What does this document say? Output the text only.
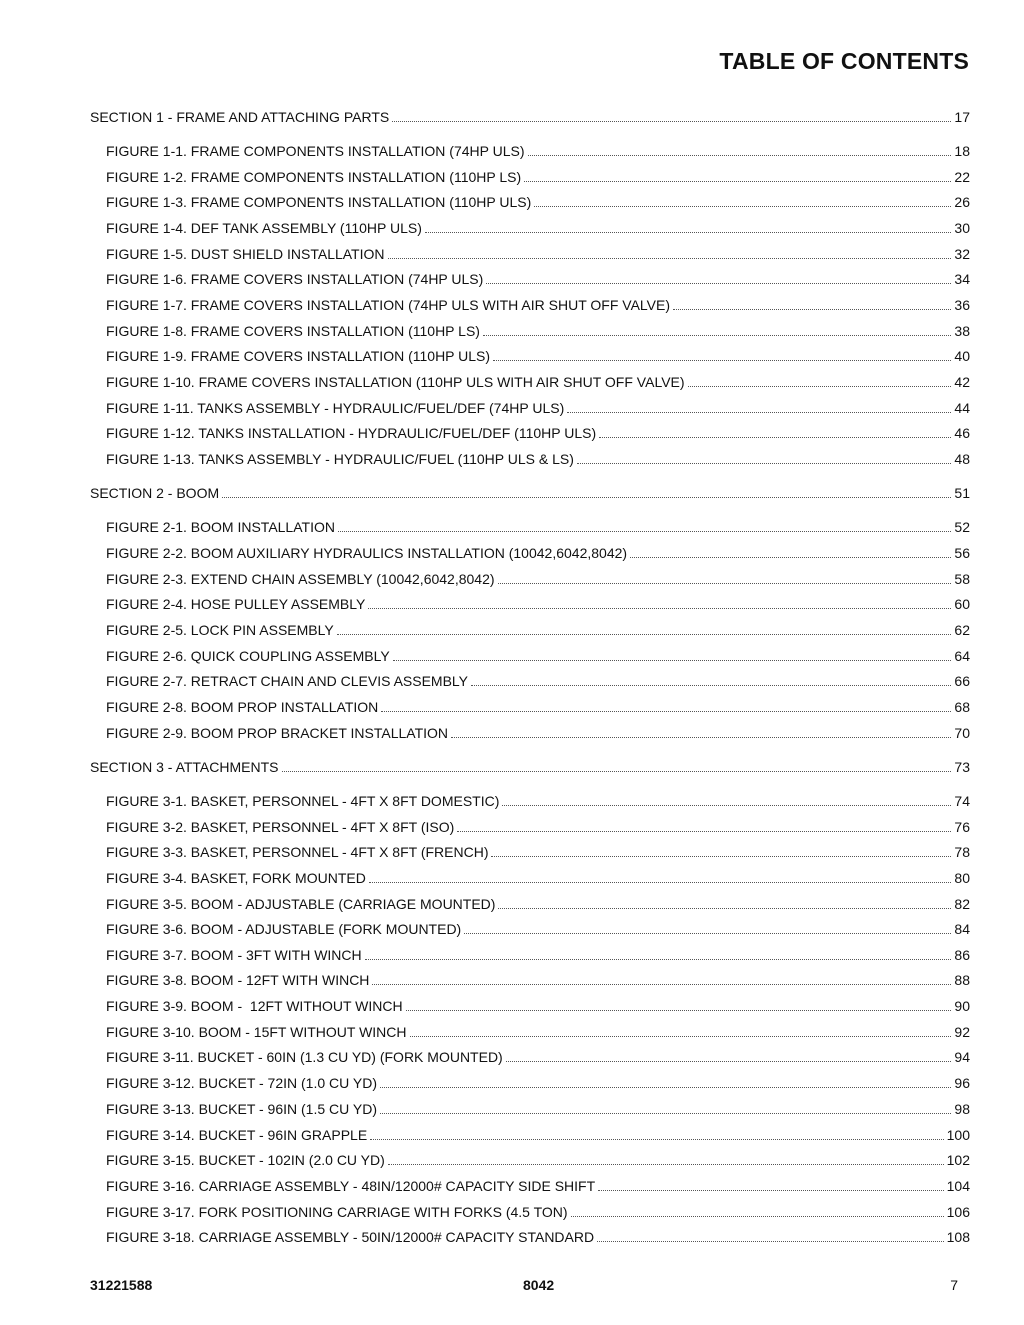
TABLE OF CONTENTS
SECTION 1 - FRAME AND ATTACHING PARTS	17
FIGURE 1-1. FRAME COMPONENTS INSTALLATION (74HP ULS)	18
FIGURE 1-2. FRAME COMPONENTS INSTALLATION (110HP LS)	22
FIGURE 1-3. FRAME COMPONENTS INSTALLATION (110HP ULS)	26
FIGURE 1-4. DEF TANK ASSEMBLY (110HP ULS)	30
FIGURE 1-5. DUST SHIELD INSTALLATION	32
FIGURE 1-6. FRAME COVERS INSTALLATION (74HP ULS)	34
FIGURE 1-7. FRAME COVERS INSTALLATION (74HP ULS WITH AIR SHUT OFF VALVE)	36
FIGURE 1-8. FRAME COVERS INSTALLATION (110HP LS)	38
FIGURE 1-9. FRAME COVERS INSTALLATION (110HP ULS)	40
FIGURE 1-10. FRAME COVERS INSTALLATION (110HP ULS WITH AIR SHUT OFF VALVE)	42
FIGURE 1-11. TANKS ASSEMBLY - HYDRAULIC/FUEL/DEF (74HP ULS)	44
FIGURE 1-12. TANKS INSTALLATION - HYDRAULIC/FUEL/DEF (110HP ULS)	46
FIGURE 1-13. TANKS ASSEMBLY - HYDRAULIC/FUEL (110HP ULS & LS)	48
SECTION 2 - BOOM	51
FIGURE 2-1. BOOM INSTALLATION	52
FIGURE 2-2. BOOM AUXILIARY HYDRAULICS INSTALLATION (10042,6042,8042)	56
FIGURE 2-3. EXTEND CHAIN ASSEMBLY (10042,6042,8042)	58
FIGURE 2-4. HOSE PULLEY ASSEMBLY	60
FIGURE 2-5. LOCK PIN ASSEMBLY	62
FIGURE 2-6. QUICK COUPLING ASSEMBLY	64
FIGURE 2-7. RETRACT CHAIN AND CLEVIS ASSEMBLY	66
FIGURE 2-8. BOOM PROP INSTALLATION	68
FIGURE 2-9. BOOM PROP BRACKET INSTALLATION	70
SECTION 3 - ATTACHMENTS	73
FIGURE 3-1. BASKET, PERSONNEL - 4FT X 8FT DOMESTIC)	74
FIGURE 3-2. BASKET, PERSONNEL - 4FT X 8FT (ISO)	76
FIGURE 3-3. BASKET, PERSONNEL - 4FT X 8FT (FRENCH)	78
FIGURE 3-4. BASKET, FORK MOUNTED	80
FIGURE 3-5. BOOM - ADJUSTABLE (CARRIAGE MOUNTED)	82
FIGURE 3-6. BOOM - ADJUSTABLE (FORK MOUNTED)	84
FIGURE 3-7. BOOM - 3FT WITH WINCH	86
FIGURE 3-8. BOOM - 12FT WITH WINCH	88
FIGURE 3-9. BOOM -  12FT WITHOUT WINCH	90
FIGURE 3-10. BOOM - 15FT WITHOUT WINCH	92
FIGURE 3-11. BUCKET - 60IN (1.3 CU YD) (FORK MOUNTED)	94
FIGURE 3-12. BUCKET - 72IN (1.0 CU YD)	96
FIGURE 3-13. BUCKET - 96IN (1.5 CU YD)	98
FIGURE 3-14. BUCKET - 96IN GRAPPLE	100
FIGURE 3-15. BUCKET - 102IN (2.0 CU YD)	102
FIGURE 3-16. CARRIAGE ASSEMBLY - 48IN/12000# CAPACITY SIDE SHIFT	104
FIGURE 3-17. FORK POSITIONING CARRIAGE WITH FORKS (4.5 TON)	106
FIGURE 3-18. CARRIAGE ASSEMBLY - 50IN/12000# CAPACITY STANDARD	108
31221588	8042	7
